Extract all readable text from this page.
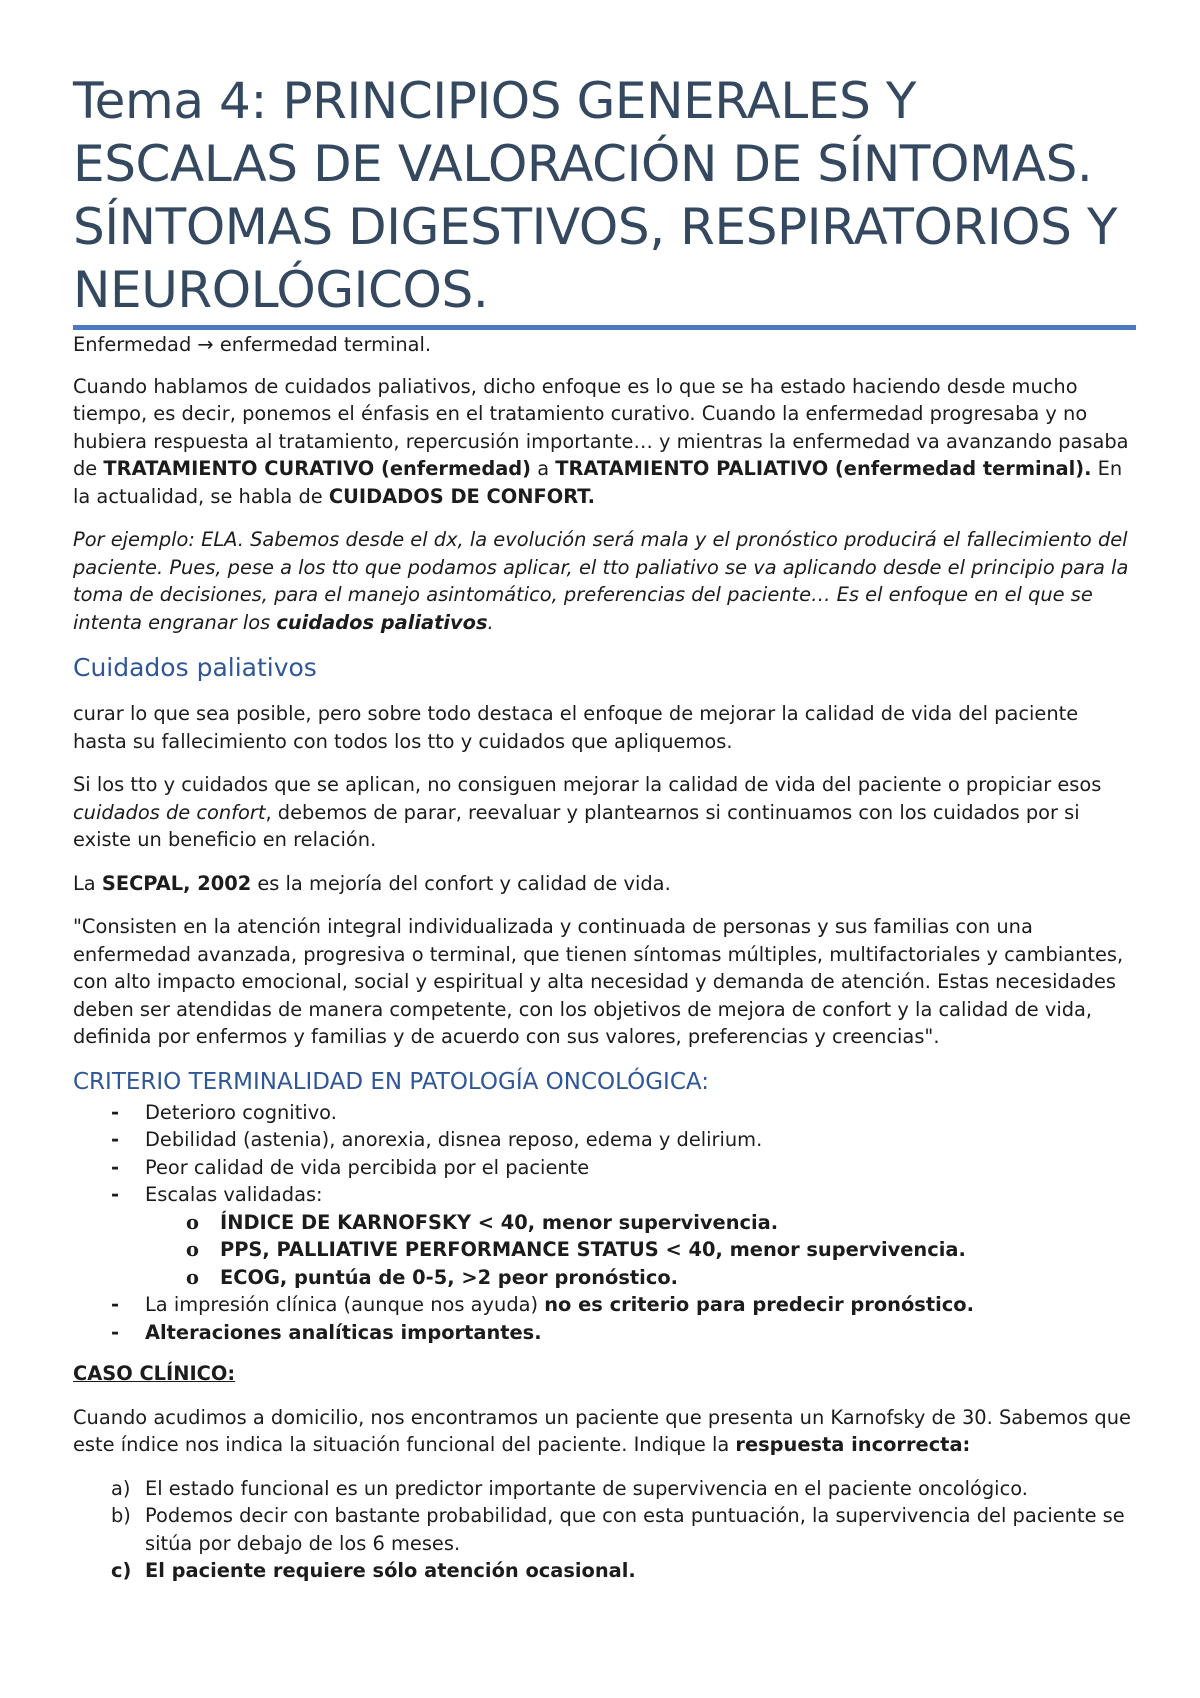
Tema 4: PRINCIPIOS GENERALES Y ESCALAS DE VALORACIÓN DE SÍNTOMAS. SÍNTOMAS DIGESTIVOS, RESPIRATORIOS Y NEUROLÓGICOS.

Enfermedad → enfermedad terminal.

Cuando hablamos de cuidados paliativos, dicho enfoque es lo que se ha estado haciendo desde mucho tiempo, es decir, ponemos el énfasis en el tratamiento curativo. Cuando la enfermedad progresaba y no hubiera respuesta al tratamiento, repercusión importante… y mientras la enfermedad va avanzando pasaba de TRATAMIENTO CURATIVO (enfermedad) a TRATAMIENTO PALIATIVO (enfermedad terminal). En la actualidad, se habla de CUIDADOS DE CONFORT.

Por ejemplo: ELA. Sabemos desde el dx, la evolución será mala y el pronóstico producirá el fallecimiento del paciente. Pues, pese a los tto que podamos aplicar, el tto paliativo se va aplicando desde el principio para la toma de decisiones, para el manejo asintomático, preferencias del paciente… Es el enfoque en el que se intenta engranar los cuidados paliativos.

Cuidados paliativos

curar lo que sea posible, pero sobre todo destaca el enfoque de mejorar la calidad de vida del paciente hasta su fallecimiento con todos los tto y cuidados que apliquemos.

Si los tto y cuidados que se aplican, no consiguen mejorar la calidad de vida del paciente o propiciar esos cuidados de confort, debemos de parar, reevaluar y plantearnos si continuamos con los cuidados por si existe un beneficio en relación.

La SECPAL, 2002 es la mejoría del confort y calidad de vida.

"Consisten en la atención integral individualizada y continuada de personas y sus familias con una enfermedad avanzada, progresiva o terminal, que tienen síntomas múltiples, multifactoriales y cambiantes, con alto impacto emocional, social y espiritual y alta necesidad y demanda de atención. Estas necesidades deben ser atendidas de manera competente, con los objetivos de mejora de confort y la calidad de vida, definida por enfermos y familias y de acuerdo con sus valores, preferencias y creencias".

CRITERIO TERMINALIDAD EN PATOLOGÍA ONCOLÓGICA:
- Deterioro cognitivo.
- Debilidad (astenia), anorexia, disnea reposo, edema y delirium.
- Peor calidad de vida percibida por el paciente
- Escalas validadas:
o ÍNDICE DE KARNOFSKY < 40, menor supervivencia.
o PPS, PALLIATIVE PERFORMANCE STATUS < 40, menor supervivencia.
o ECOG, puntúa de 0-5, >2 peor pronóstico.
- La impresión clínica (aunque nos ayuda) no es criterio para predecir pronóstico.
- Alteraciones analíticas importantes.

CASO CLÍNICO:

Cuando acudimos a domicilio, nos encontramos un paciente que presenta un Karnofsky de 30. Sabemos que este índice nos indica la situación funcional del paciente. Indique la respuesta incorrecta:

a) El estado funcional es un predictor importante de supervivencia en el paciente oncológico.
b) Podemos decir con bastante probabilidad, que con esta puntuación, la supervivencia del paciente se sitúa por debajo de los 6 meses.
c) El paciente requiere sólo atención ocasional.
